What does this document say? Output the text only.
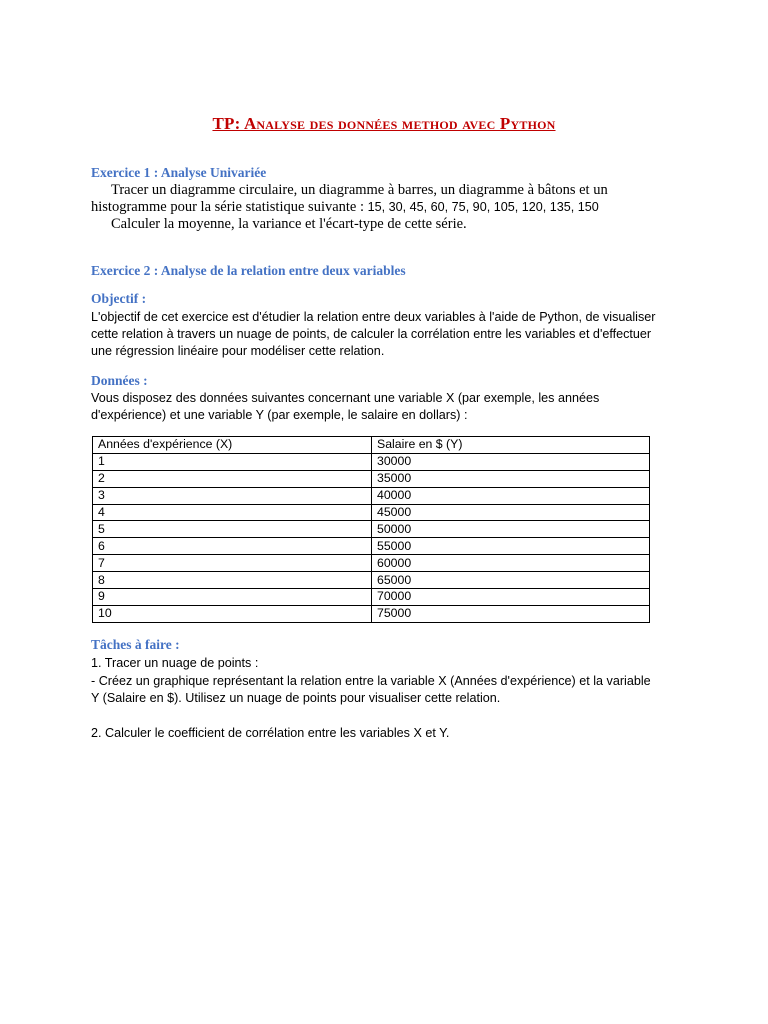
TP: Analyse des données method avec Python
Exercice 1 : Analyse Univariée
Tracer un diagramme circulaire, un diagramme à barres, un diagramme à bâtons et un
histogramme pour la série statistique suivante : 15, 30, 45, 60, 75, 90, 105, 120, 135, 150
Calculer la moyenne, la variance et l'écart-type de cette série.
Exercice 2 : Analyse de la relation entre deux variables
Objectif :
L'objectif de cet exercice est d'étudier la relation entre deux variables à l'aide de Python, de visualiser
cette relation à travers un nuage de points, de calculer la corrélation entre les variables et d'effectuer
une régression linéaire pour modéliser cette relation.
Données :
Vous disposez des données suivantes concernant une variable X (par exemple, les années
d'expérience) et une variable Y (par exemple, le salaire en dollars) :
Années d'expérience (X)	Salaire en $ (Y)
1	30000
2	35000
3	40000
4	45000
5	50000
6	55000
7	60000
8	65000
9	70000
10	75000
Tâches à faire :
1. Tracer un nuage de points :
- Créez un graphique représentant la relation entre la variable X (Années d'expérience) et la variable
Y (Salaire en $). Utilisez un nuage de points pour visualiser cette relation.
2. Calculer le coefficient de corrélation entre les variables X et Y.
